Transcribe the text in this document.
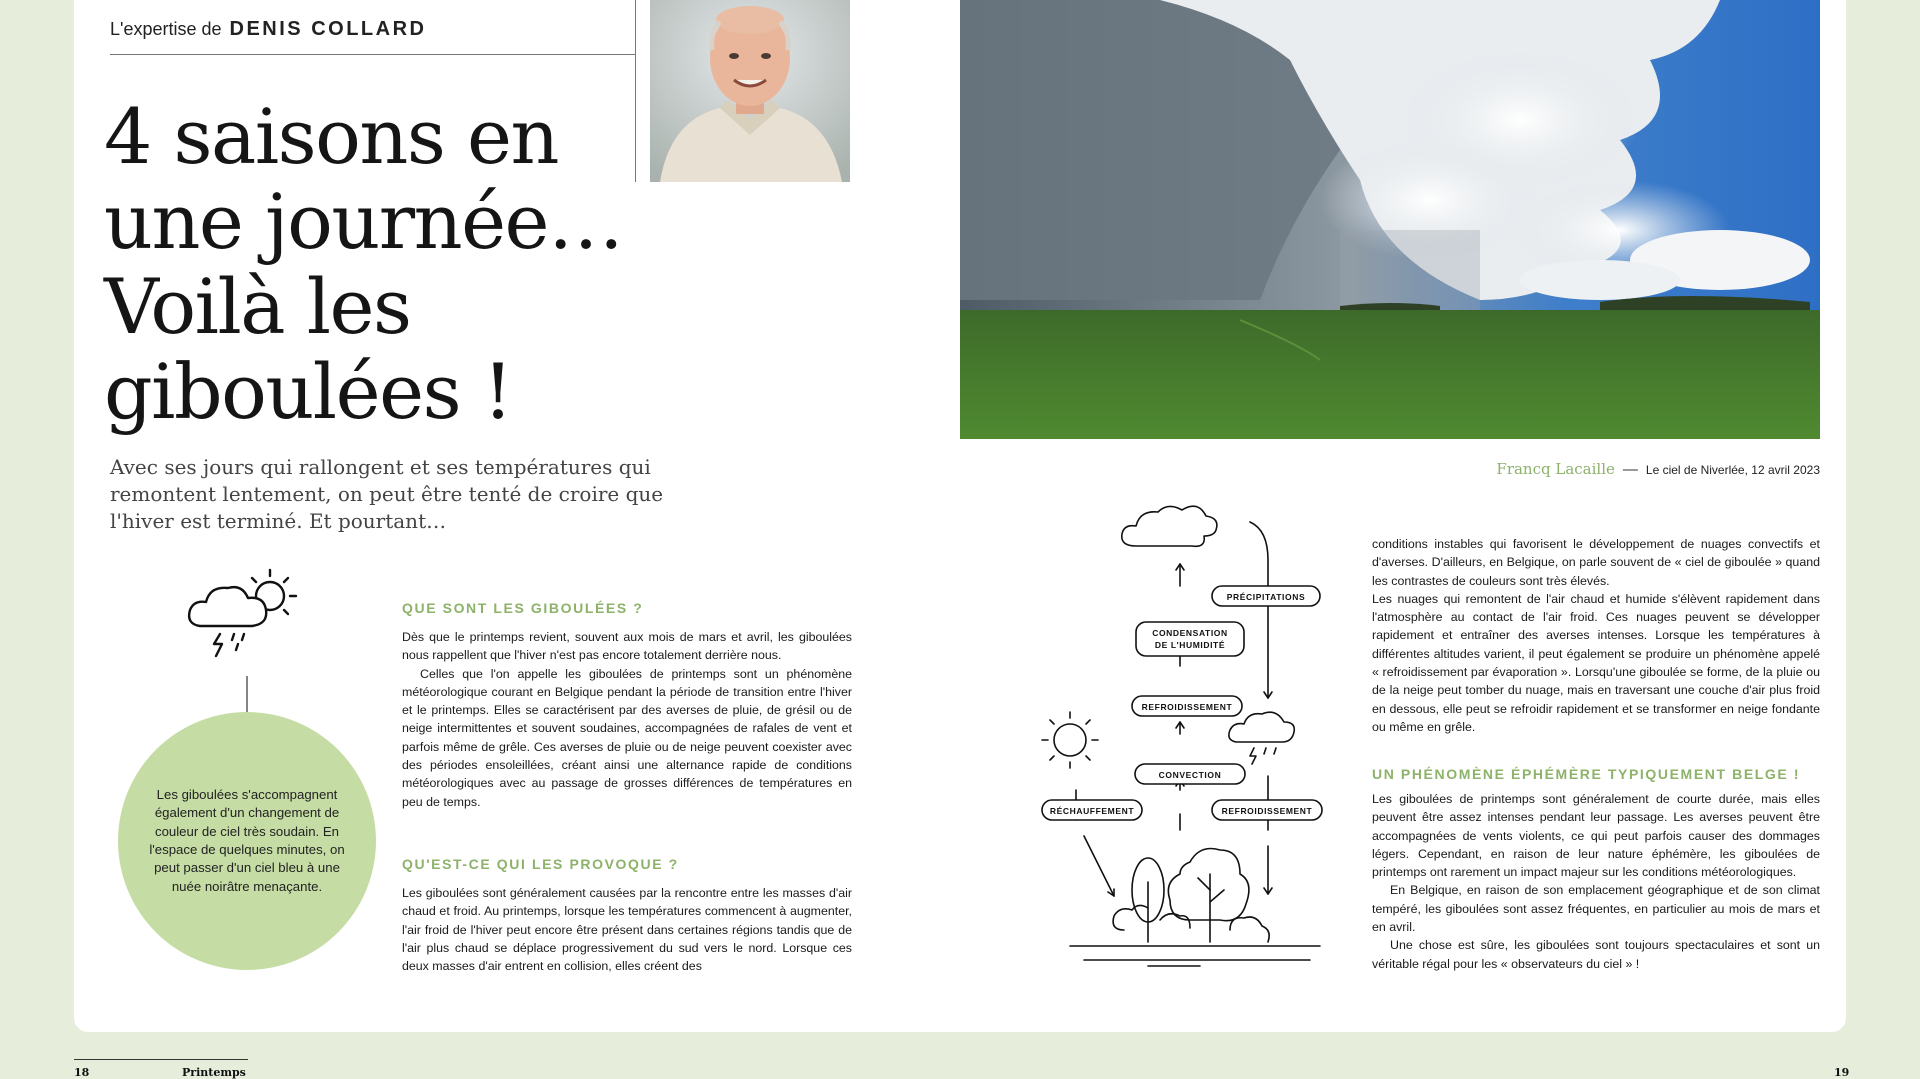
L'expertise de DENIS COLLARD
4 saisons en
une journée…
Voilà les
giboulées !
Avec ses jours qui rallongent et ses températures qui remontent lentement, on peut être tenté de croire que l'hiver est terminé. Et pourtant…
Francq Lacaille — Le ciel de Niverlée, 12 avril 2023

Les giboulées s'accompagnent également d'un changement de couleur de ciel très soudain. En l'espace de quelques minutes, on peut passer d'un ciel bleu à une nuée noirâtre menaçante.

QUE SONT LES GIBOULÉES ?
Dès que le printemps revient, souvent aux mois de mars et avril, les giboulées nous rappellent que l'hiver n'est pas encore totalement derrière nous.
Celles que l'on appelle les giboulées de printemps sont un phénomène météorologique courant en Belgique pendant la période de transition entre l'hiver et le printemps. Elles se caractérisent par des averses de pluie, de grésil ou de neige intermittentes et souvent soudaines, accompagnées de rafales de vent et parfois même de grêle. Ces averses de pluie ou de neige peuvent coexister avec des périodes ensoleillées, créant ainsi une alternance rapide de conditions météorologiques avec au passage de grosses différences de températures en peu de temps.
QU'EST-CE QUI LES PROVOQUE ?
Les giboulées sont généralement causées par la rencontre entre les masses d'air chaud et froid. Au printemps, lorsque les températures commencent à augmenter, l'air froid de l'hiver peut encore être présent dans certaines régions tandis que de l'air plus chaud se déplace progressivement du sud vers le nord. Lorsque ces deux masses d'air entrent en collision, elles créent des
PRÉCIPITATIONS
CONDENSATION
DE L'HUMIDITÉ
REFROIDISSEMENT
CONVECTION
RÉCHAUFFEMENT	REFROIDISSEMENT
conditions instables qui favorisent le développement de nuages convectifs et d'averses. D'ailleurs, en Belgique, on parle souvent de « ciel de giboulée » quand les contrastes de couleurs sont très élevés.
Les nuages qui remontent de l'air chaud et humide s'élèvent rapidement dans l'atmosphère au contact de l'air froid. Ces nuages peuvent se développer rapidement et entraîner des averses intenses. Lorsque les températures à différentes altitudes varient, il peut également se produire un phénomène appelé « refroidissement par évaporation ». Lorsqu'une giboulée se forme, de la pluie ou de la neige peut tomber du nuage, mais en traversant une couche d'air plus froid en dessous, elle peut se refroidir rapidement et se transformer en neige fondante ou même en grêle.
UN PHÉNOMÈNE ÉPHÉMÈRE TYPIQUEMENT BELGE !
Les giboulées de printemps sont généralement de courte durée, mais elles peuvent être assez intenses pendant leur passage. Les averses peuvent être accompagnées de vents violents, ce qui peut parfois causer des dommages légers. Cependant, en raison de leur nature éphémère, les giboulées de printemps ont rarement un impact majeur sur les conditions météorologiques.
En Belgique, en raison de son emplacement géographique et de son climat tempéré, les giboulées sont assez fréquentes, en particulier au mois de mars et en avril.
Une chose est sûre, les giboulées sont toujours spectaculaires et sont un véritable régal pour les « observateurs du ciel » !
18	Printemps	19
